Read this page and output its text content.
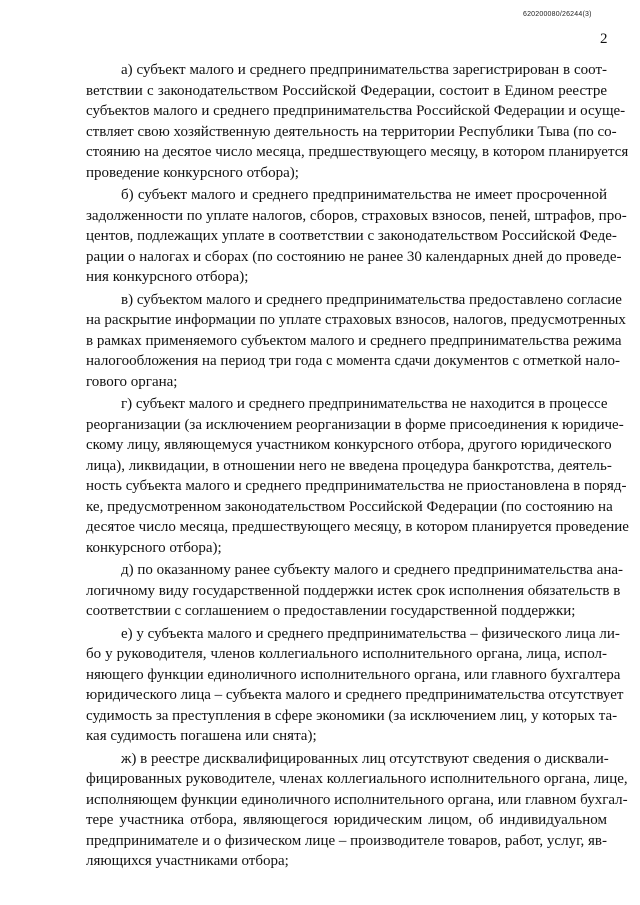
620200080/26244(3)
2
а) субъект малого и среднего предпринимательства зарегистрирован в соот-
ветствии с законодательством Российской Федерации, состоит в Едином реестре
субъектов малого и среднего предпринимательства Российской Федерации и осуще-
ствляет свою хозяйственную деятельность на территории Республики Тыва (по со-
стоянию на десятое число месяца, предшествующего месяцу, в котором планируется
проведение конкурсного отбора);
б) субъект малого и среднего предпринимательства не имеет просроченной
задолженности по уплате налогов, сборов, страховых взносов, пеней, штрафов, про-
центов, подлежащих уплате в соответствии с законодательством Российской Феде-
рации о налогах и сборах (по состоянию не ранее 30 календарных дней до проведе-
ния конкурсного отбора);
в) субъектом малого и среднего предпринимательства предоставлено согласие
на раскрытие информации по уплате страховых взносов, налогов, предусмотренных
в рамках применяемого субъектом малого и среднего предпринимательства режима
налогообложения на период три года с момента сдачи документов с отметкой нало-
гового органа;
г) субъект малого и среднего предпринимательства не находится в процессе
реорганизации (за исключением реорганизации в форме присоединения к юридиче-
скому лицу, являющемуся участником конкурсного отбора, другого юридического
лица), ликвидации, в отношении него не введена процедура банкротства, деятель-
ность субъекта малого и среднего предпринимательства не приостановлена в поряд-
ке, предусмотренном законодательством Российской Федерации (по состоянию на
десятое число месяца, предшествующего месяцу, в котором планируется проведение
конкурсного отбора);
д) по оказанному ранее субъекту малого и среднего предпринимательства ана-
логичному виду государственной поддержки истек срок исполнения обязательств в
соответствии с соглашением о предоставлении государственной поддержки;
е) у субъекта малого и среднего предпринимательства – физического лица ли-
бо у руководителя, членов коллегиального исполнительного органа, лица, испол-
няющего функции единоличного исполнительного органа, или главного бухгалтера
юридического лица – субъекта малого и среднего предпринимательства отсутствует
судимость за преступления в сфере экономики (за исключением лиц, у которых та-
кая судимость погашена или снята);
ж) в реестре дисквалифицированных лиц отсутствуют сведения о дисквали-
фицированных руководителе, членах коллегиального исполнительного органа, лице,
исполняющем функции единоличного исполнительного органа, или главном бухгал-
тере участника отбора, являющегося юридическим лицом, об индивидуальном
предпринимателе и о физическом лице – производителе товаров, работ, услуг, яв-
ляющихся участниками отбора;
